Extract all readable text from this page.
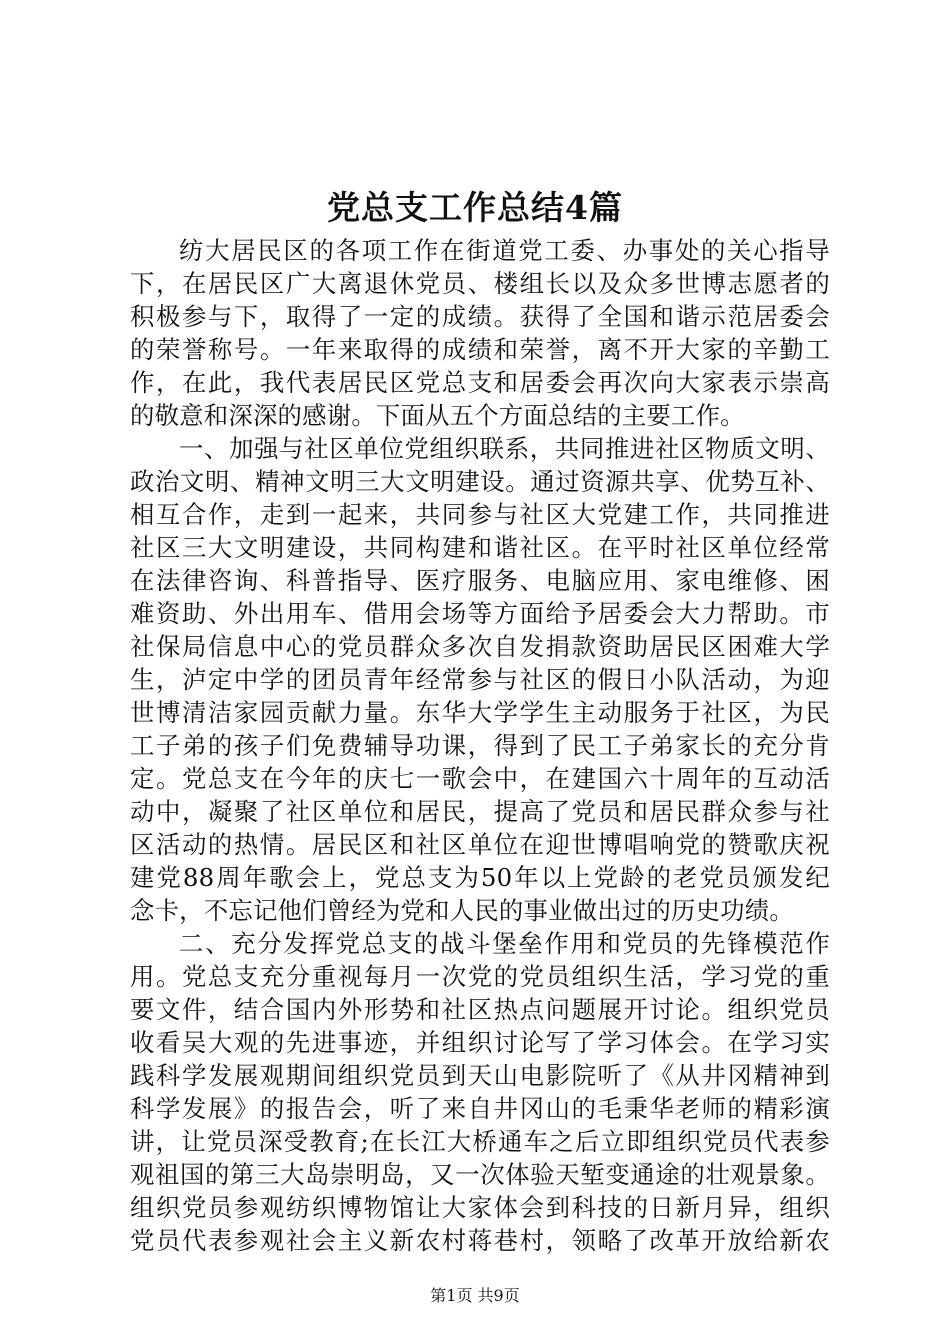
党总支工作总结4篇
纺大居民区的各项工作在街道党工委、办事处的关心指导
下，在居民区广大离退休党员、楼组长以及众多世博志愿者的
积极参与下，取得了一定的成绩。获得了全国和谐示范居委会
的荣誉称号。一年来取得的成绩和荣誉，离不开大家的辛勤工
作，在此，我代表居民区党总支和居委会再次向大家表示崇高
的敬意和深深的感谢。下面从五个方面总结的主要工作。
一、加强与社区单位党组织联系，共同推进社区物质文明、
政治文明、精神文明三大文明建设。通过资源共享、优势互补、
相互合作，走到一起来，共同参与社区大党建工作，共同推进
社区三大文明建设，共同构建和谐社区。在平时社区单位经常
在法律咨询、科普指导、医疗服务、电脑应用、家电维修、困
难资助、外出用车、借用会场等方面给予居委会大力帮助。市
社保局信息中心的党员群众多次自发捐款资助居民区困难大学
生，泸定中学的团员青年经常参与社区的假日小队活动，为迎
世博清洁家园贡献力量。东华大学学生主动服务于社区，为民
工子弟的孩子们免费辅导功课，得到了民工子弟家长的充分肯
定。党总支在今年的庆七一歌会中，在建国六十周年的互动活
动中，凝聚了社区单位和居民，提高了党员和居民群众参与社
区活动的热情。居民区和社区单位在迎世博唱响党的赞歌庆祝
建党88周年歌会上，党总支为50年以上党龄的老党员颁发纪
念卡，不忘记他们曾经为党和人民的事业做出过的历史功绩。
二、充分发挥党总支的战斗堡垒作用和党员的先锋模范作
用。党总支充分重视每月一次党的党员组织生活，学习党的重
要文件，结合国内外形势和社区热点问题展开讨论。组织党员
收看吴大观的先进事迹，并组织讨论写了学习体会。在学习实
践科学发展观期间组织党员到天山电影院听了《从井冈精神到
科学发展》的报告会，听了来自井冈山的毛秉华老师的精彩演
讲，让党员深受教育;在长江大桥通车之后立即组织党员代表参
观祖国的第三大岛崇明岛，又一次体验天堑变通途的壮观景象。
组织党员参观纺织博物馆让大家体会到科技的日新月异，组织
党员代表参观社会主义新农村蒋巷村，领略了改革开放给新农
第1页 共9页
